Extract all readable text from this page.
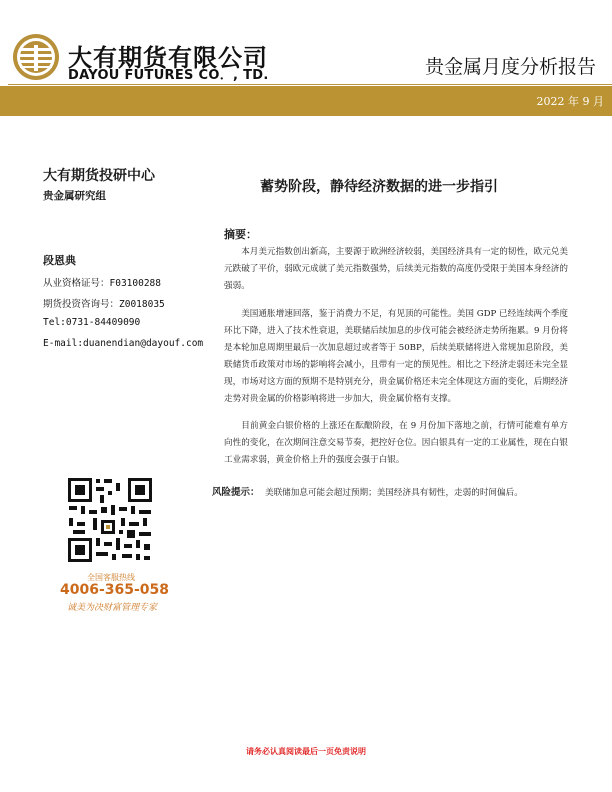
大有期货有限公司
DAYOU FUTURES CO．, TD.	贵金属月度分析报告
2022 年 9 月
大有期货投研中心
贵金属研究组
段恩典
从业资格证号：F03100288
期货投资咨询号：Z0018035
Tel:0731-84409090
E-mail:duanendian@dayouf.com
全国客服热线
4006-365-058
诚美为决财富管理专家
蓄势阶段，静待经济数据的进一步指引
摘要：

本月美元指数创出新高，主要源于欧洲经济较弱，美国经济具有一定的韧性，欧元兑美元跌破了平价，弱欧元成就了美元指数强势，后续美元指数的高度仍受限于美国本身经济的强弱。

美国通胀增速回落，鉴于消费力不足，有见顶的可能性。美国 GDP 已经连续两个季度环比下降，进入了技术性衰退，美联储后续加息的步伐可能会被经济走势所拖累。9 月份将是本轮加息周期里最后一次加息超过或者等于 50BP，后续美联储将进入常规加息阶段，美联储货币政策对市场的影响将会减小，且带有一定的预见性。相比之下经济走弱还未完全显现，市场对这方面的预期不是特别充分，贵金属价格还未完全体现这方面的变化，后期经济走势对贵金属的价格影响将进一步加大，贵金属价格有支撑。

目前黄金白银价格的上涨还在酝酿阶段，在 9 月份加下落地之前，行情可能难有单方向性的变化，在次期间注意交易节奏，把控好仓位。因白银具有一定的工业属性，现在白银工业需求弱，黄金价格上升的强度会强于白银。

风险提示： 美联储加息可能会超过预期；美国经济具有韧性，走弱的时间偏后。

请务必认真阅读最后一页免责说明
